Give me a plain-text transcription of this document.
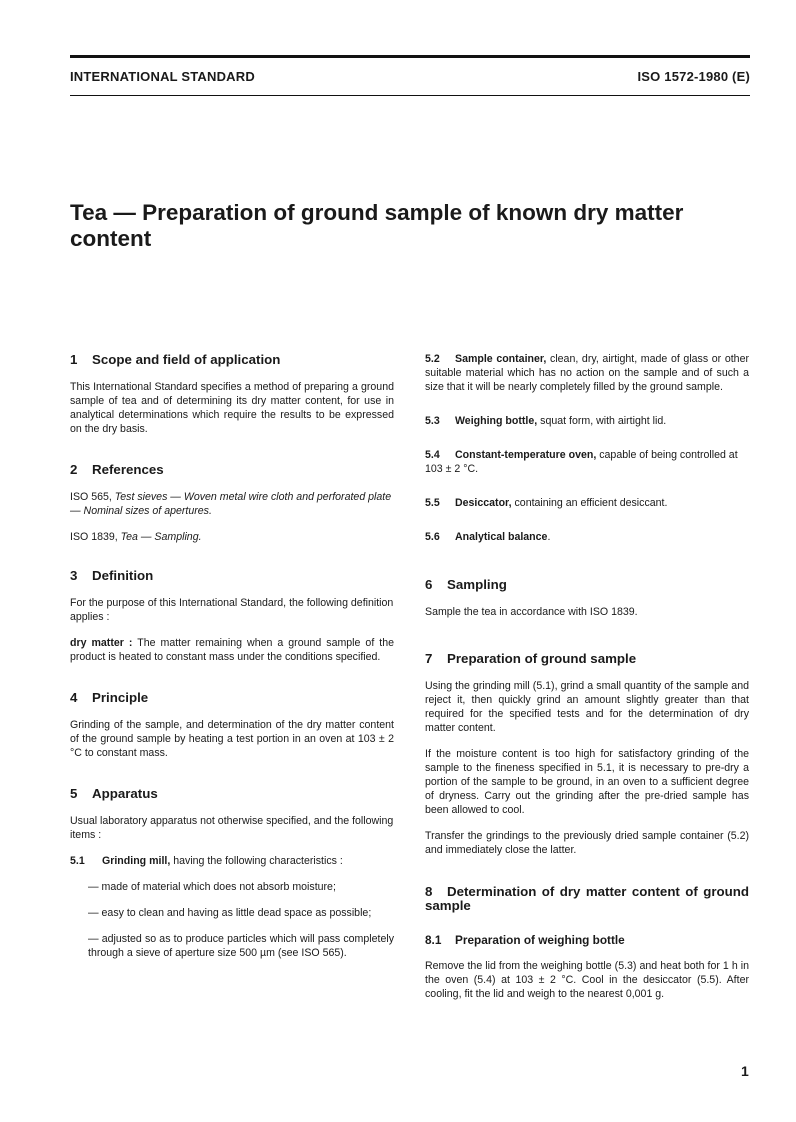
INTERNATIONAL STANDARD	ISO 1572-1980 (E)
Tea — Preparation of ground sample of known dry matter content
1 Scope and field of application

This International Standard specifies a method of preparing a ground sample of tea and of determining its dry matter content, for use in analytical determinations which require the results to be expressed on the dry basis.

2 References

ISO 565, Test sieves — Woven metal wire cloth and perforated plate — Nominal sizes of apertures.

ISO 1839, Tea — Sampling.

3 Definition

For the purpose of this International Standard, the following definition applies :

dry matter : The matter remaining when a ground sample of the product is heated to constant mass under the conditions specified.

4 Principle

Grinding of the sample, and determination of the dry matter content of the ground sample by heating a test portion in an oven at 103 ± 2 °C to constant mass.

5 Apparatus

Usual laboratory apparatus not otherwise specified, and the following items :

5.1 Grinding mill, having the following characteristics :

— made of material which does not absorb moisture;

— easy to clean and having as little dead space as possible;

— adjusted so as to produce particles which will pass completely through a sieve of aperture size 500 µm (see ISO 565).

5.2 Sample container, clean, dry, airtight, made of glass or other suitable material which has no action on the sample and of such a size that it will be nearly completely filled by the ground sample.

5.3 Weighing bottle, squat form, with airtight lid.

5.4 Constant-temperature oven, capable of being controlled at 103 ± 2 °C.

5.5 Desiccator, containing an efficient desiccant.

5.6 Analytical balance.

6 Sampling

Sample the tea in accordance with ISO 1839.

7 Preparation of ground sample

Using the grinding mill (5.1), grind a small quantity of the sample and reject it, then quickly grind an amount slightly greater than that required for the specified tests and for the determination of dry matter content.

If the moisture content is too high for satisfactory grinding of the sample to the fineness specified in 5.1, it is necessary to pre-dry a portion of the sample to be ground, in an oven to a sufficient degree of dryness. Carry out the grinding after the pre-dried sample has been allowed to cool.

Transfer the grindings to the previously dried sample container (5.2) and immediately close the latter.

8 Determination of dry matter content of ground sample
8.1 Preparation of weighing bottle

Remove the lid from the weighing bottle (5.3) and heat both for 1 h in the oven (5.4) at 103 ± 2 °C. Cool in the desiccator (5.5). After cooling, fit the lid and weigh to the nearest 0,001 g.

1
